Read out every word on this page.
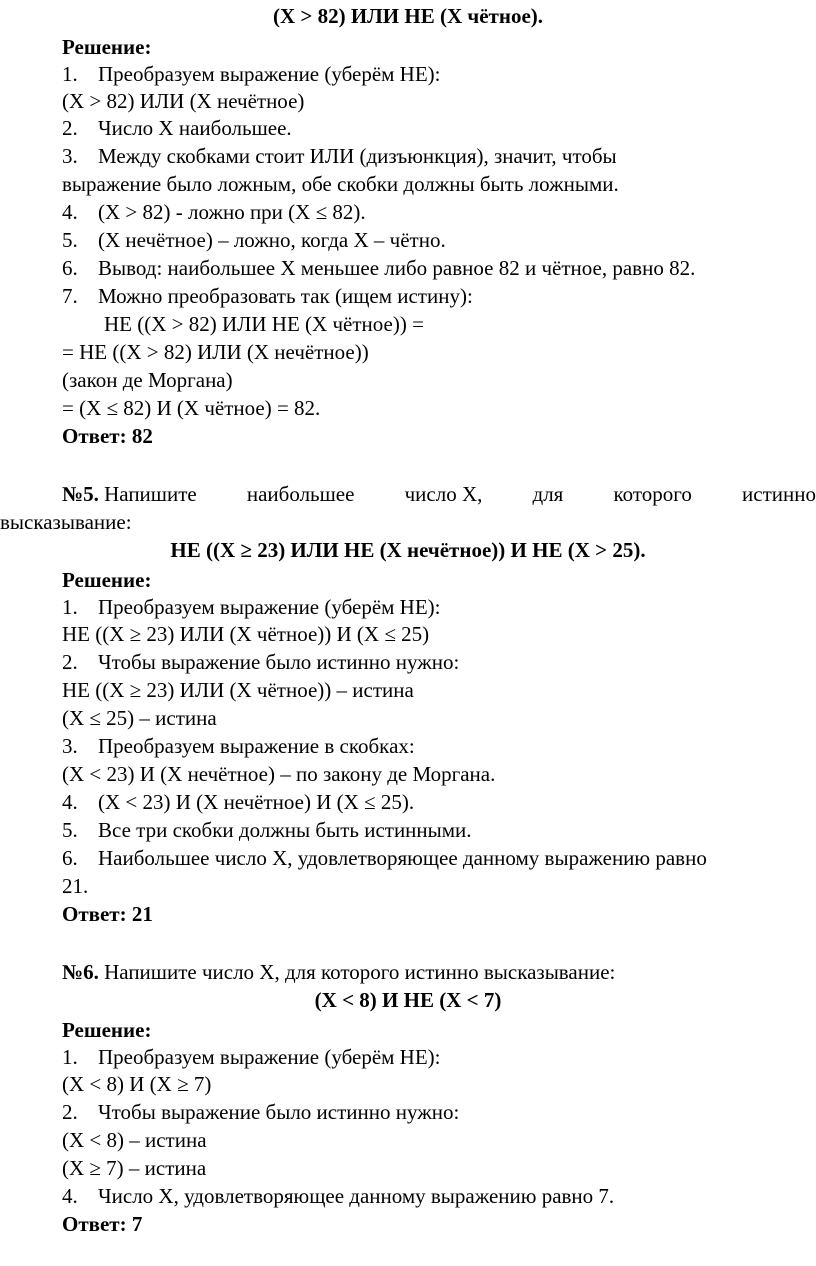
(X > 82) ИЛИ НЕ (X чётное).
Решение:
1. Преобразуем выражение (уберём НЕ):
(X > 82) ИЛИ (X нечётное)
2. Число X наибольшее.
3. Между скобками стоит ИЛИ (дизъюнкция), значит, чтобы
выражение было ложным, обе скобки должны быть ложными.
4. (X > 82) - ложно при (X ≤ 82).
5. (X нечётное) – ложно, когда X – чётно.
6. Вывод: наибольшее X меньшее либо равное 82 и чётное, равно 82.
7. Можно преобразовать так (ищем истину):
НЕ ((X > 82) ИЛИ НЕ (X чётное)) =
= НЕ ((X > 82) ИЛИ (X нечётное))
(закон де Моргана)
= (X ≤ 82) И (X чётное) = 82.
Ответ: 82
№5. Напишите наибольшее число X, для которого истинно
высказывание:
НЕ ((X ≥ 23) ИЛИ НЕ (X нечётное)) И НЕ (X > 25).
Решение:
1. Преобразуем выражение (уберём НЕ):
НЕ ((X ≥ 23) ИЛИ (X чётное)) И (X ≤ 25)
2. Чтобы выражение было истинно нужно:
НЕ ((X ≥ 23) ИЛИ (X чётное)) – истина
(X ≤ 25) – истина
3. Преобразуем выражение в скобках:
(X < 23) И (X нечётное) – по закону де Моргана.
4. (X < 23) И (X нечётное) И (X ≤ 25).
5. Все три скобки должны быть истинными.
6. Наибольшее число X, удовлетворяющее данному выражению равно
21.
Ответ: 21
№6. Напишите число X, для которого истинно высказывание:
(X < 8) И НЕ (X < 7)
Решение:
1. Преобразуем выражение (уберём НЕ):
(X < 8) И (X ≥ 7)
2. Чтобы выражение было истинно нужно:
(X < 8) – истина
(X ≥ 7) – истина
4. Число X, удовлетворяющее данному выражению равно 7.
Ответ: 7
